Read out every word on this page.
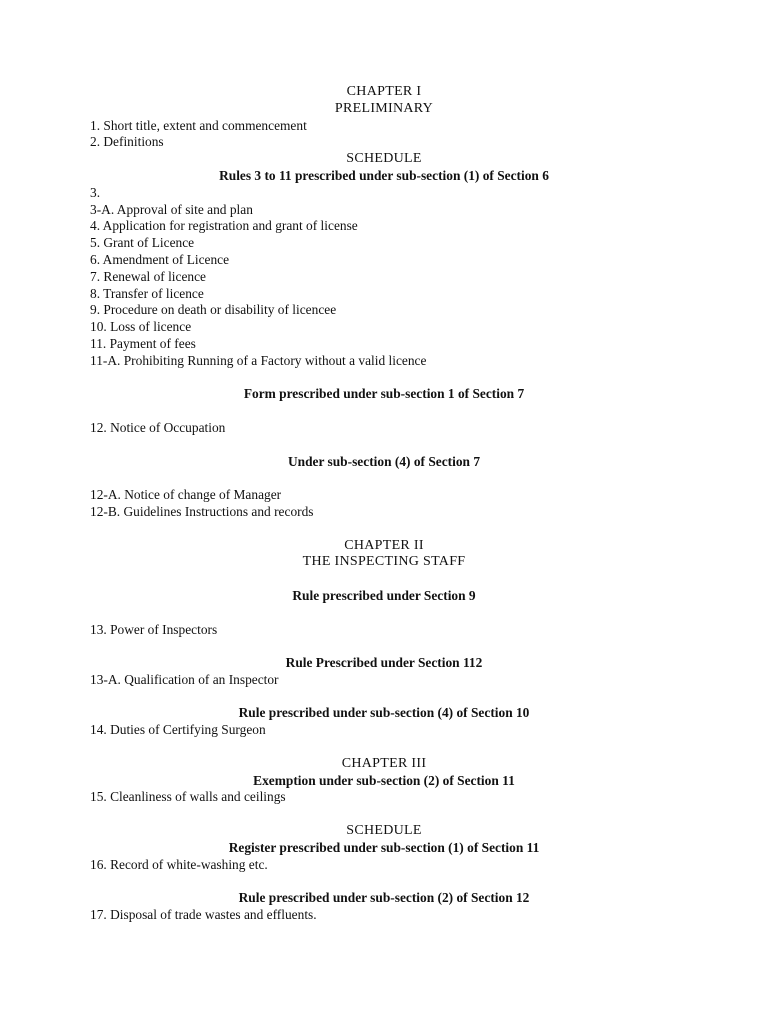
CHAPTER I
PRELIMINARY
1. Short title, extent and commencement
2. Definitions
SCHEDULE
Rules 3 to 11 prescribed under sub-section (1) of Section 6
3.
3-A. Approval of site and plan
4. Application for registration and grant of license
5. Grant of Licence
6. Amendment of Licence
7. Renewal of licence
8. Transfer of licence
9. Procedure on death or disability of licencee
10. Loss of licence
11. Payment of fees
11-A. Prohibiting Running of a Factory without a valid licence
Form prescribed under sub-section 1 of Section 7
12. Notice of Occupation
Under sub-section (4) of Section 7
12-A. Notice of change of Manager
12-B. Guidelines Instructions and records
CHAPTER II
THE INSPECTING STAFF
Rule prescribed under Section 9
13. Power of Inspectors
Rule Prescribed under Section 112
13-A. Qualification of an Inspector
Rule prescribed under sub-section (4) of Section 10
14. Duties of Certifying Surgeon
CHAPTER III
Exemption under sub-section (2) of Section 11
15. Cleanliness of walls and ceilings
SCHEDULE
Register prescribed under sub-section (1) of Section 11
16. Record of white-washing etc.
Rule prescribed under sub-section (2) of Section 12
17. Disposal of trade wastes and effluents.
